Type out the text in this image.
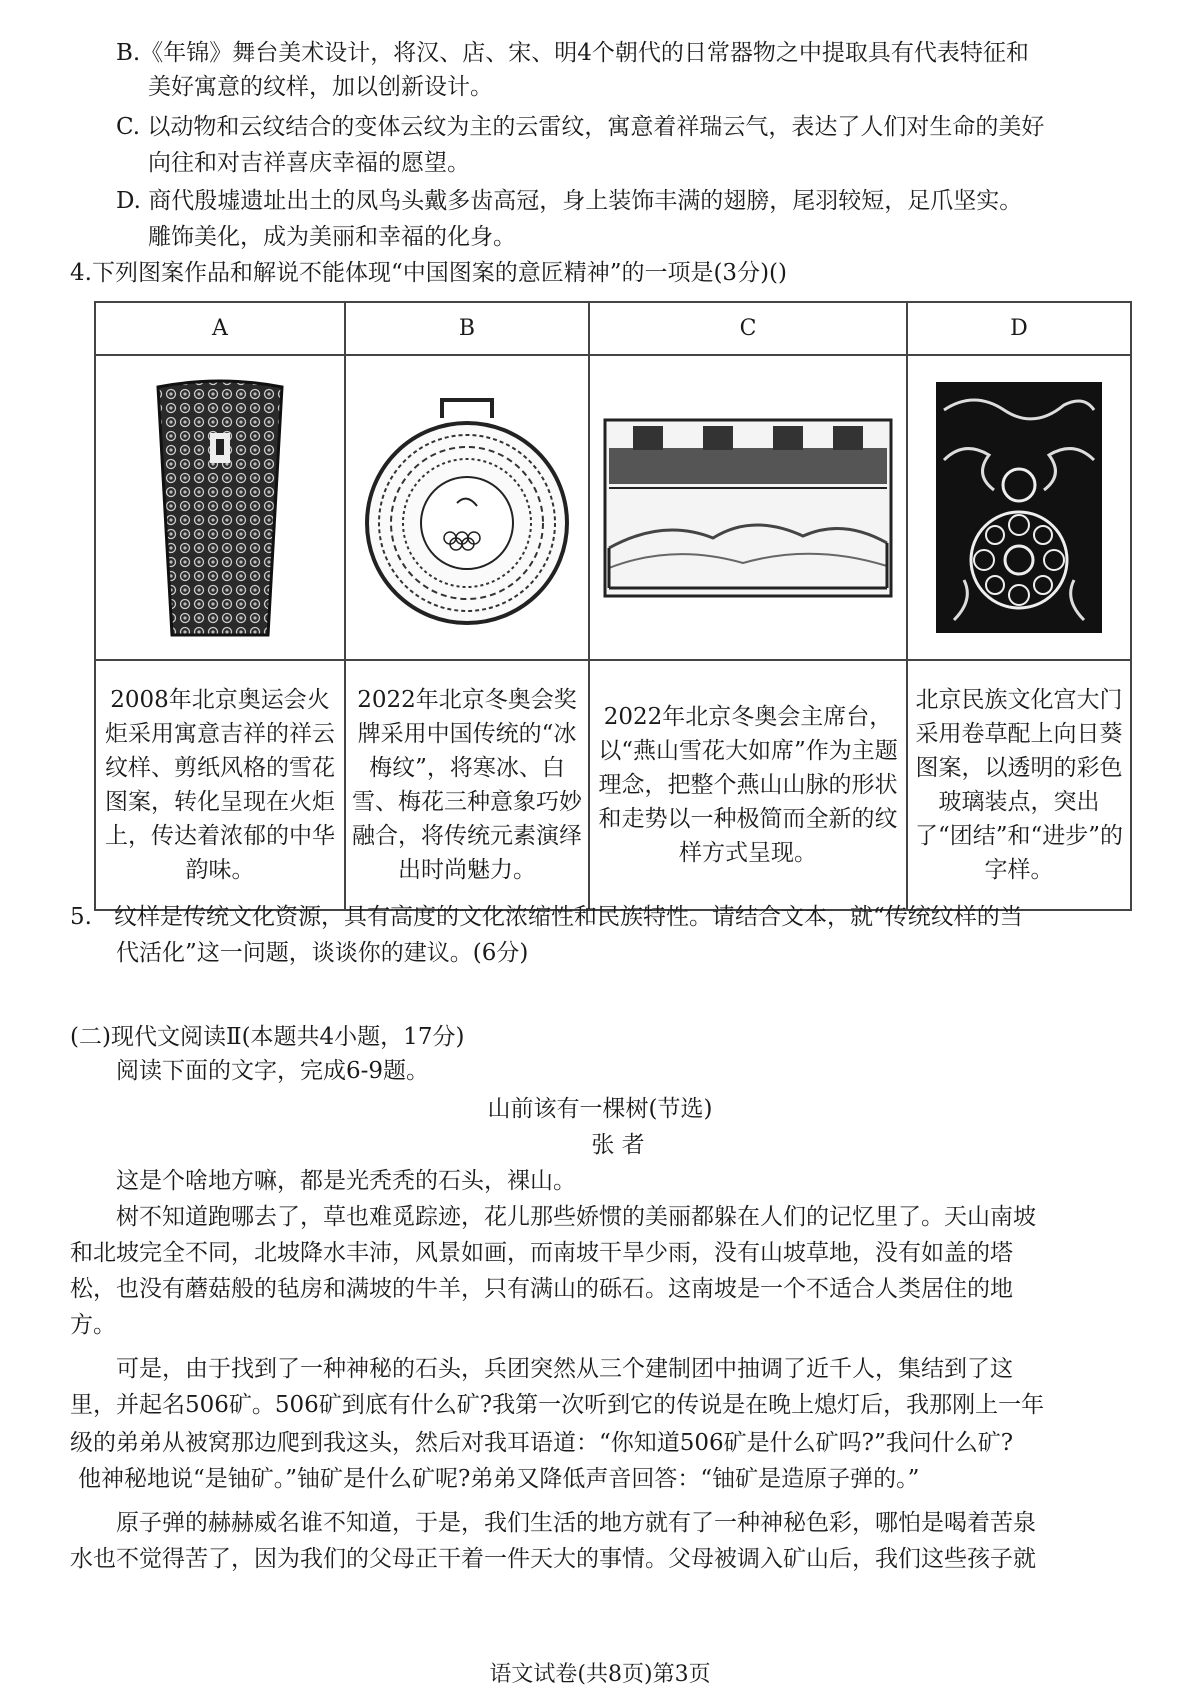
B.《年锦》舞台美术设计，将汉、店、宋、明4个朝代的日常器物之中提取具有代表特征和
美好寓意的纹样，加以创新设计。
C. 以动物和云纹结合的变体云纹为主的云雷纹，寓意着祥瑞云气，表达了人们对生命的美好
向往和对吉祥喜庆幸福的愿望。
D. 商代殷墟遗址出土的凤鸟头戴多齿高冠，身上装饰丰满的翅膀，尾羽较短，足爪坚实。
雕饰美化，成为美丽和幸福的化身。
4.下列图案作品和解说不能体现“中国图案的意匠精神”的一项是(3分)()
A	B	C	D

2008年北京奥运会火炬采用寓意吉祥的祥云纹样、剪纸风格的雪花图案，转化呈现在火炬上，传达着浓郁的中华韵味。	2022年北京冬奥会奖牌采用中国传统的“冰梅纹”，将寒冰、白雪、梅花三种意象巧妙融合，将传统元素演绎出时尚魅力。	2022年北京冬奥会主席台，以“燕山雪花大如席”作为主题理念，把整个燕山山脉的形状和走势以一种极简而全新的纹样方式呈现。	北京民族文化宫大门采用卷草配上向日葵图案，以透明的彩色玻璃装点，突出了“团结”和“进步”的字样。
5. 纹样是传统文化资源，具有高度的文化浓缩性和民族特性。请结合文本，就“传统纹样的当
代活化”这一问题，谈谈你的建议。(6分)
(二)现代文阅读Ⅱ(本题共4小题，17分)
阅读下面的文字，完成6-9题。
山前该有一棵树(节选)
张 者
这是个啥地方嘛，都是光秃秃的石头，裸山。
树不知道跑哪去了，草也难觅踪迹，花儿那些娇惯的美丽都躲在人们的记忆里了。天山南坡
和北坡完全不同，北坡降水丰沛，风景如画，而南坡干旱少雨，没有山坡草地，没有如盖的塔
松，也没有蘑菇般的毡房和满坡的牛羊，只有满山的砾石。这南坡是一个不适合人类居住的地
方。
可是，由于找到了一种神秘的石头，兵团突然从三个建制团中抽调了近千人，集结到了这
里，并起名506矿。506矿到底有什么矿?我第一次听到它的传说是在晚上熄灯后，我那刚上一年
级的弟弟从被窝那边爬到我这头，然后对我耳语道：“你知道506矿是什么矿吗?”我问什么矿?
他神秘地说“是铀矿。”铀矿是什么矿呢?弟弟又降低声音回答：“铀矿是造原子弹的。”
原子弹的赫赫威名谁不知道，于是，我们生活的地方就有了一种神秘色彩，哪怕是喝着苦泉
水也不觉得苦了，因为我们的父母正干着一件天大的事情。父母被调入矿山后，我们这些孩子就
语文试卷(共8页)第3页
